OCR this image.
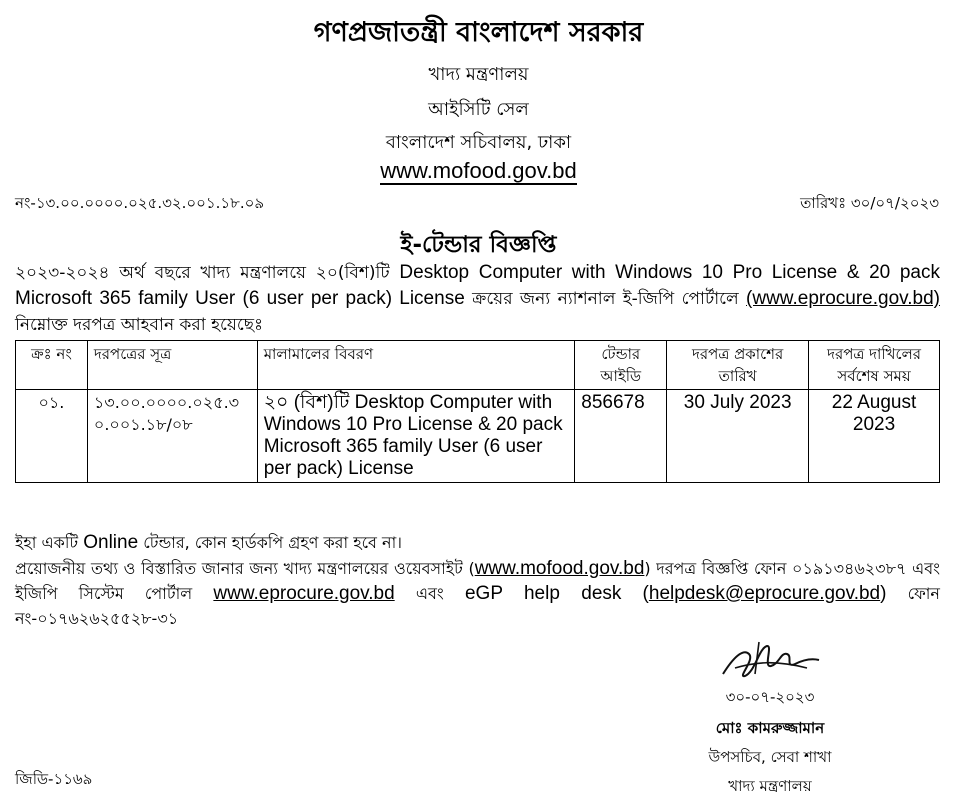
গণপ্রজাতন্ত্রী বাংলাদেশ সরকার
খাদ্য মন্ত্রণালয়
আইসিটি সেল
বাংলাদেশ সচিবালয়, ঢাকা
www.mofood.gov.bd
নং-১৩.০০.০০০০.০২৫.৩২.০০১.১৮.০৯	তারিখঃ ৩০/০৭/২০২৩
ই-টেন্ডার বিজ্ঞপ্তি
২০২৩-২০২৪ অর্থ বছরে খাদ্য মন্ত্রণালয়ে ২০(বিশ)টি Desktop Computer with Windows 10 Pro License & 20 pack Microsoft 365 family User (6 user per pack) License ক্রয়ের জন্য ন্যাশনাল ই-জিপি পোর্টালে (www.eprocure.gov.bd) নিম্নোক্ত দরপত্র আহবান করা হয়েছেঃ
ক্রঃ নং	দরপত্রের সূত্র	মালামালের বিবরণ	টেন্ডার আইডি	দরপত্র প্রকাশের তারিখ	দরপত্র দাখিলের সর্বশেষ সময়
০১.	১৩.০০.০০০০.০২৫.৩০.০০১.১৮/০৮	২০ (বিশ)টি Desktop Computer with Windows 10 Pro License & 20 pack Microsoft 365 family User (6 user per pack) License	856678	30 July 2023	22 August 2023
ইহা একটি Online টেন্ডার, কোন হার্ডকপি গ্রহণ করা হবে না।
প্রয়োজনীয় তথ্য ও বিস্তারিত জানার জন্য খাদ্য মন্ত্রণালয়ের ওয়েবসাইট (www.mofood.gov.bd) দরপত্র বিজ্ঞপ্তি ফোন ০১৯১৩৪৬২৩৮৭ এবং ইজিপি সিস্টেম পোর্টাল www.eprocure.gov.bd এবং eGP help desk (helpdesk@eprocure.gov.bd) ফোন নং-০১৭৬২৬২৫৫২৮-৩১
৩০-০৭-২০২৩
মোঃ কামরুজ্জামান
উপসচিব, সেবা শাখা
খাদ্য মন্ত্রণালয়
জিডি-১১৬৯
